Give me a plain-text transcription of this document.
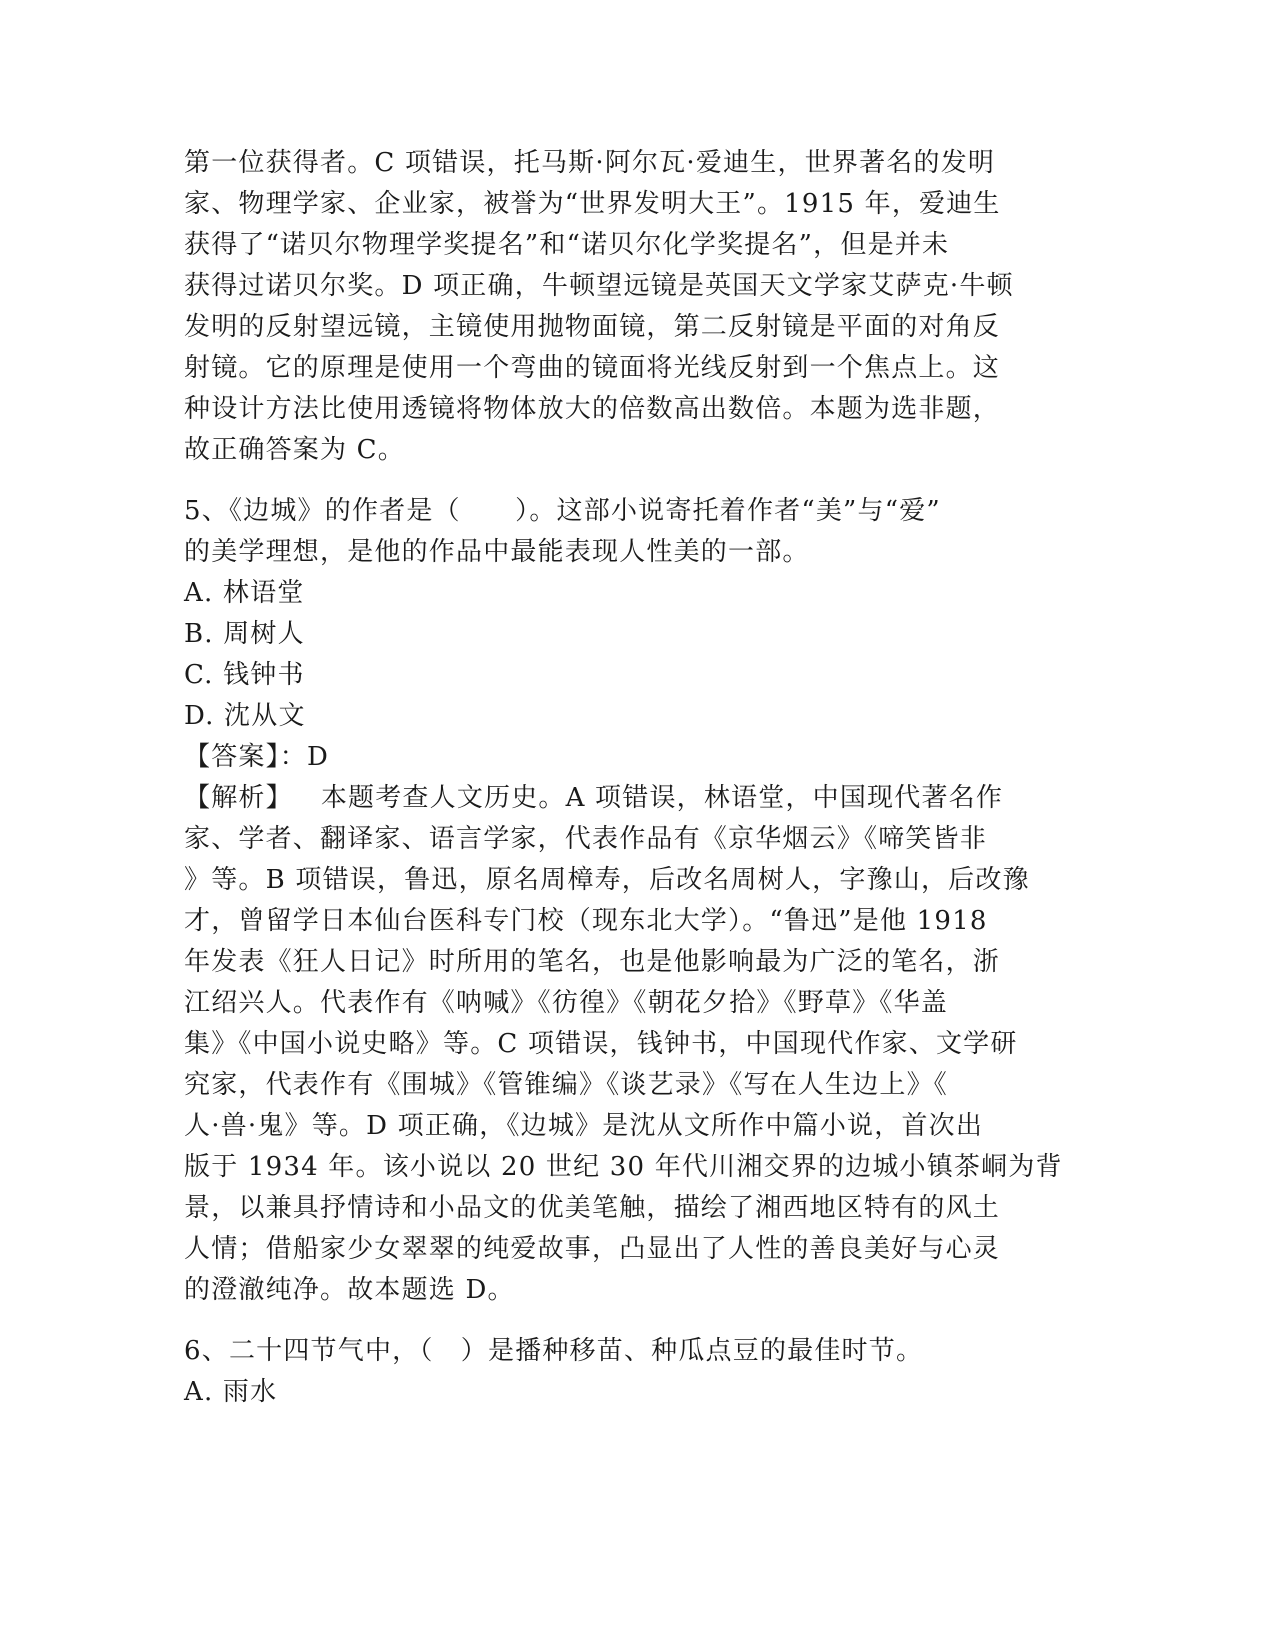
第一位获得者。C 项错误，托马斯·阿尔瓦·爱迪生，世界著名的发明
家、物理学家、企业家，被誉为“世界发明大王”。1915 年，爱迪生
获得了“诺贝尔物理学奖提名”和“诺贝尔化学奖提名”，但是并未
获得过诺贝尔奖。D 项正确，牛顿望远镜是英国天文学家艾萨克·牛顿
发明的反射望远镜，主镜使用抛物面镜，第二反射镜是平面的对角反
射镜。它的原理是使用一个弯曲的镜面将光线反射到一个焦点上。这
种设计方法比使用透镜将物体放大的倍数高出数倍。本题为选非题，
故正确答案为 C。
5、《边城》的作者是（　　）。这部小说寄托着作者“美”与“爱”
的美学理想，是他的作品中最能表现人性美的一部。
A. 林语堂
B. 周树人
C. 钱钟书
D. 沈从文
【答案】：D
【解析】 本题考查人文历史。A 项错误，林语堂，中国现代著名作
家、学者、翻译家、语言学家，代表作品有《京华烟云》《啼笑皆非
》等。B 项错误，鲁迅，原名周樟寿，后改名周树人，字豫山，后改豫
才，曾留学日本仙台医科专门校（现东北大学）。“鲁迅”是他 1918
年发表《狂人日记》时所用的笔名，也是他影响最为广泛的笔名，浙
江绍兴人。代表作有《呐喊》《彷徨》《朝花夕拾》《野草》《华盖
集》《中国小说史略》等。C 项错误，钱钟书，中国现代作家、文学研
究家，代表作有《围城》《管锥编》《谈艺录》《写在人生边上》《
人·兽·鬼》等。D 项正确，《边城》是沈从文所作中篇小说，首次出
版于 1934 年。该小说以 20 世纪 30 年代川湘交界的边城小镇茶峒为背
景，以兼具抒情诗和小品文的优美笔触，描绘了湘西地区特有的风土
人情；借船家少女翠翠的纯爱故事，凸显出了人性的善良美好与心灵
的澄澈纯净。故本题选 D。
6、二十四节气中，（　）是播种移苗、种瓜点豆的最佳时节。
A. 雨水
